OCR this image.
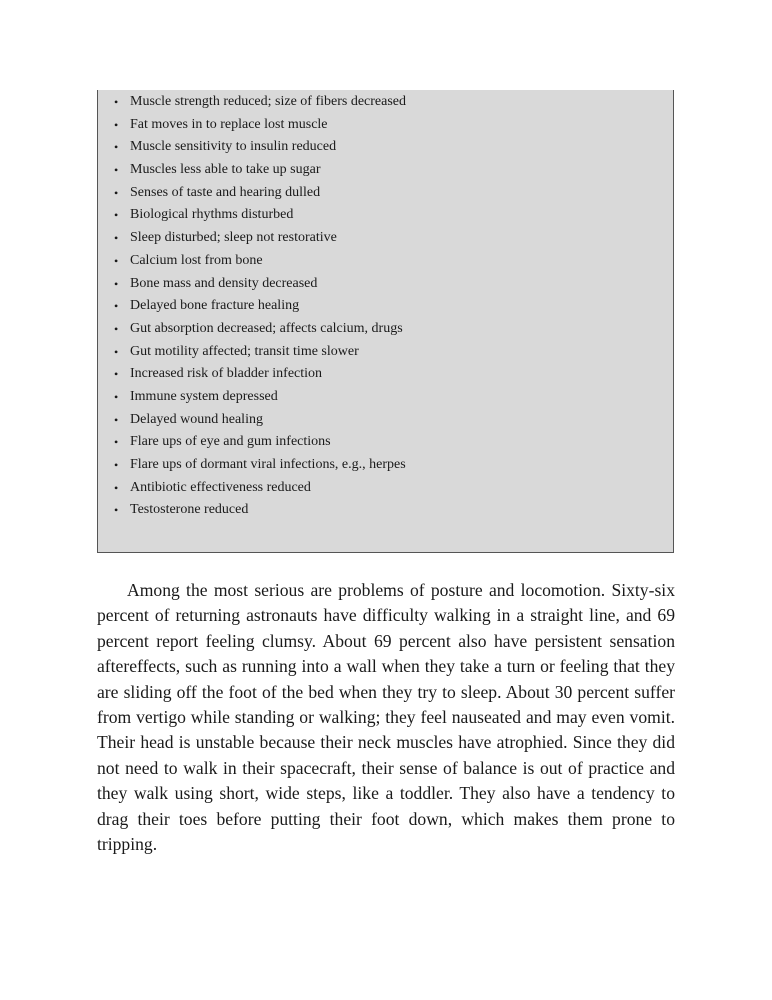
• Muscle strength reduced; size of fibers decreased
• Fat moves in to replace lost muscle
• Muscle sensitivity to insulin reduced
• Muscles less able to take up sugar
• Senses of taste and hearing dulled
• Biological rhythms disturbed
• Sleep disturbed; sleep not restorative
• Calcium lost from bone
• Bone mass and density decreased
• Delayed bone fracture healing
• Gut absorption decreased; affects calcium, drugs
• Gut motility affected; transit time slower
• Increased risk of bladder infection
• Immune system depressed
• Delayed wound healing
• Flare ups of eye and gum infections
• Flare ups of dormant viral infections, e.g., herpes
• Antibiotic effectiveness reduced
• Testosterone reduced

Among the most serious are problems of posture and locomotion. Sixty-six percent of returning astronauts have difficulty walking in a straight line, and 69 percent report feeling clumsy. About 69 percent also have persistent sensation aftereffects, such as running into a wall when they take a turn or feeling that they are sliding off the foot of the bed when they try to sleep. About 30 percent suffer from vertigo while standing or walking; they feel nauseated and may even vomit. Their head is unstable because their neck muscles have atrophied. Since they did not need to walk in their spacecraft, their sense of balance is out of practice and they walk using short, wide steps, like a toddler. They also have a tendency to drag their toes before putting their foot down, which makes them prone to tripping.
